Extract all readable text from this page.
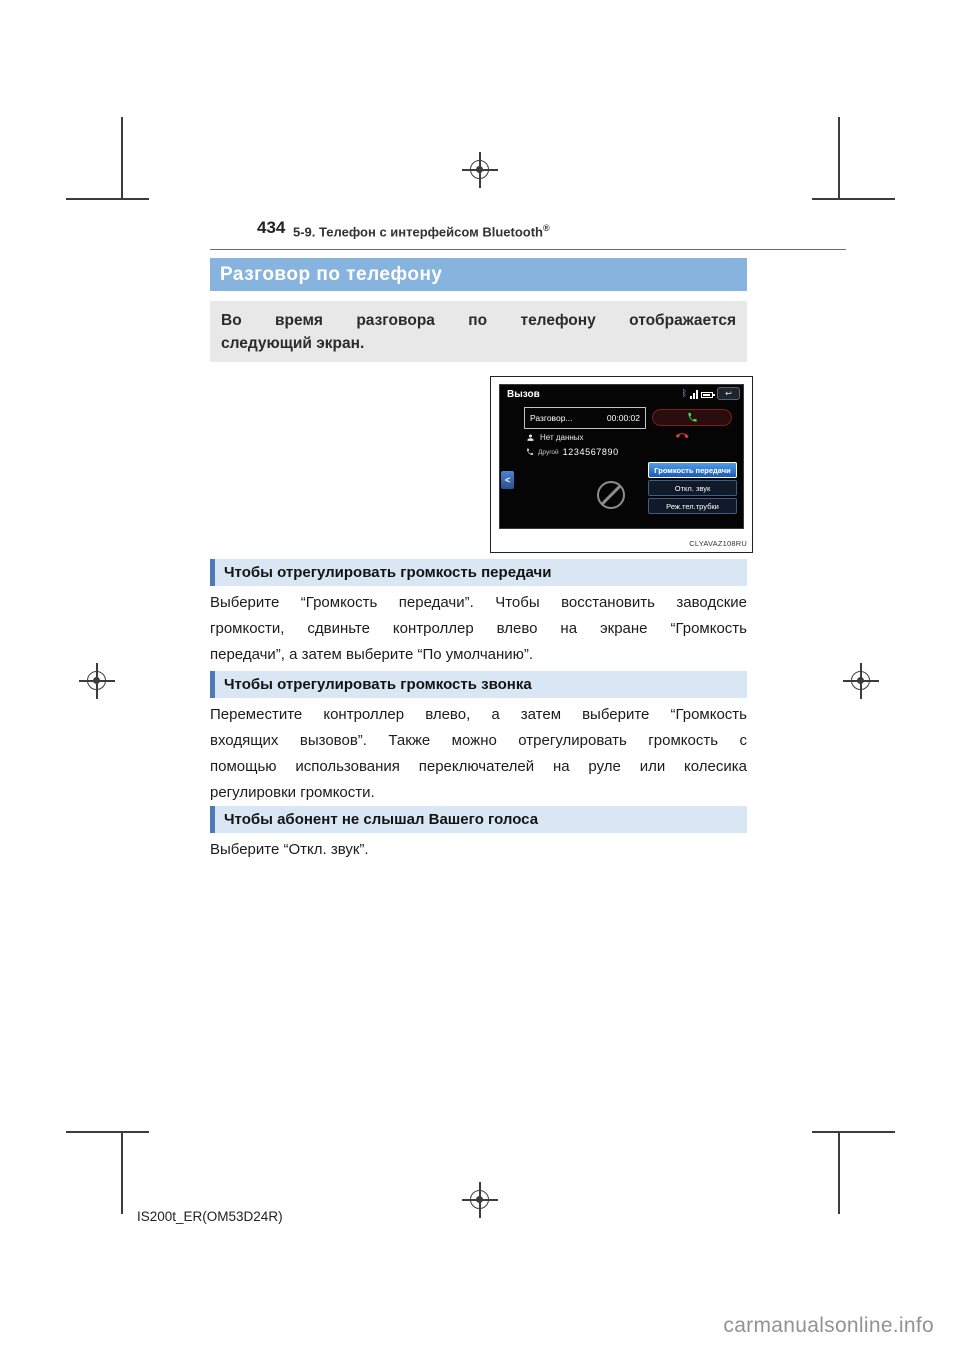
434 5-9. Телефон с интерфейсом Bluetooth®
Разговор по телефону
Во время разговора по телефону отображается
следующий экран.
Вызов	ᛒ	↩
Разговор...	00:00:02
Нет данных
Другой 1234567890
<
Громкость передачи
Откл. звук
Реж.тел.трубки
CLYAVAZ108RU
Чтобы отрегулировать громкость передачи
Выберите “Громкость передачи”. Чтобы восстановить заводские
громкости, сдвиньте контроллер влево на экране “Громкость
передачи”, а затем выберите “По умолчанию”.
Чтобы отрегулировать громкость звонка
Переместите контроллер влево, а затем выберите “Громкость
входящих вызовов”. Также можно отрегулировать громкость с
помощью использования переключателей на руле или колесика
регулировки громкости.
Чтобы абонент не слышал Вашего голоса
Выберите “Откл. звук”.
IS200t_ER(OM53D24R)
carmanualsonline.info
